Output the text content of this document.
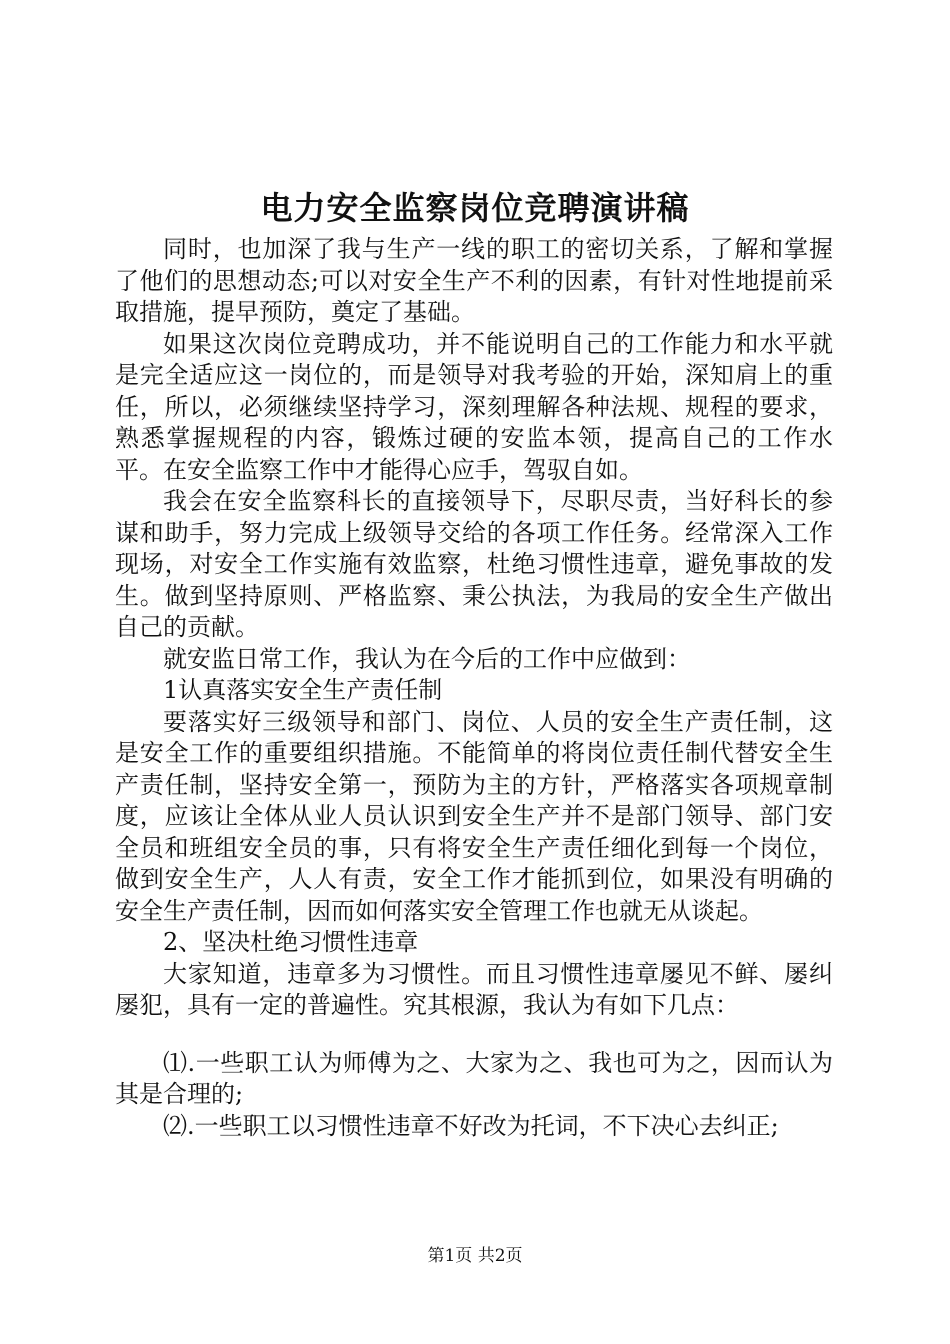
电力安全监察岗位竞聘演讲稿

同时，也加深了我与生产一线的职工的密切关系，了解和掌握了他们的思想动态;可以对安全生产不利的因素，有针对性地提前采取措施，提早预防，奠定了基础。

如果这次岗位竞聘成功，并不能说明自己的工作能力和水平就是完全适应这一岗位的，而是领导对我考验的开始，深知肩上的重任，所以，必须继续坚持学习，深刻理解各种法规、规程的要求，熟悉掌握规程的内容，锻炼过硬的安监本领，提高自己的工作水平。在安全监察工作中才能得心应手，驾驭自如。

我会在安全监察科长的直接领导下，尽职尽责，当好科长的参谋和助手，努力完成上级领导交给的各项工作任务。经常深入工作现场，对安全工作实施有效监察，杜绝习惯性违章，避免事故的发生。做到坚持原则、严格监察、秉公执法，为我局的安全生产做出自己的贡献。

就安监日常工作，我认为在今后的工作中应做到：

1认真落实安全生产责任制

要落实好三级领导和部门、岗位、人员的安全生产责任制，这是安全工作的重要组织措施。不能简单的将岗位责任制代替安全生产责任制，坚持安全第一，预防为主的方针，严格落实各项规章制度，应该让全体从业人员认识到安全生产并不是部门领导、部门安全员和班组安全员的事，只有将安全生产责任细化到每一个岗位，做到安全生产，人人有责，安全工作才能抓到位，如果没有明确的安全生产责任制，因而如何落实安全管理工作也就无从谈起。

2、坚决杜绝习惯性违章

大家知道，违章多为习惯性。而且习惯性违章屡见不鲜、屡纠屡犯，具有一定的普遍性。究其根源，我认为有如下几点：

⑴.一些职工认为师傅为之、大家为之、我也可为之，因而认为其是合理的;

⑵.一些职工以习惯性违章不好改为托词，不下决心去纠正;

第1页 共2页
